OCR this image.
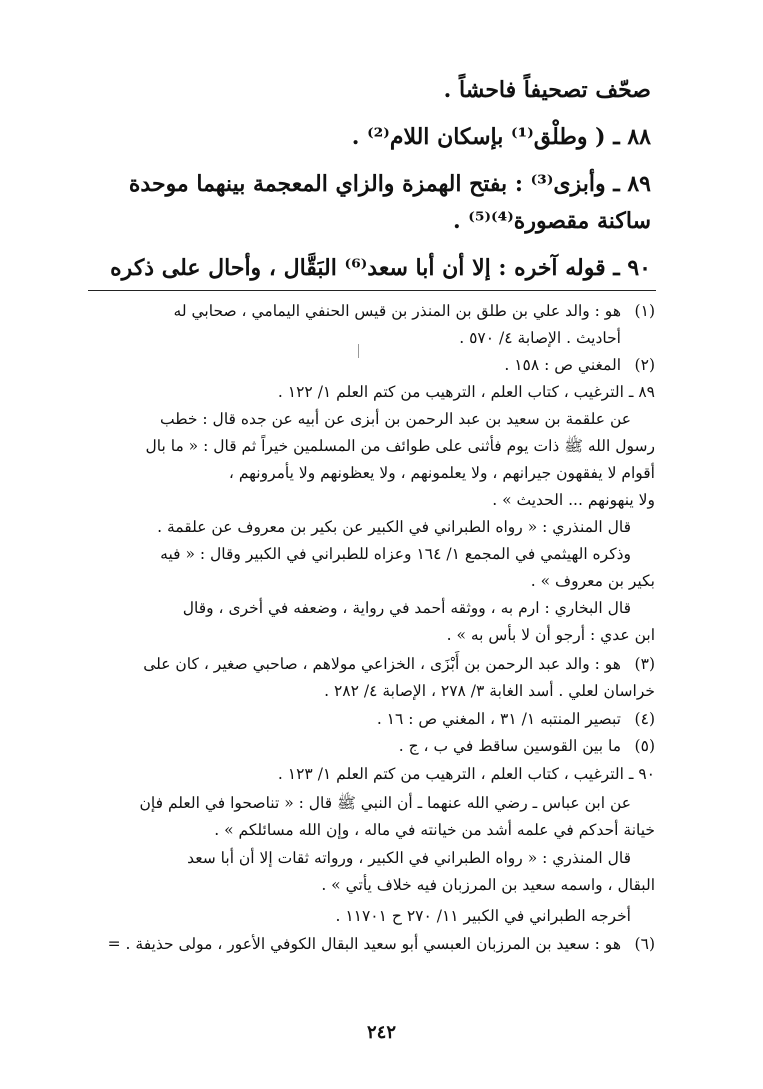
صحّف تصحيفاً فاحشاً .
٨٨ ـ ( وطلْق⁽¹⁾ بإسكان اللام⁽²⁾ .
٨٩ ـ وأبزى⁽³⁾ : بفتح الهمزة والزاي المعجمة بينهما موحدة
ساكنة مقصورة⁽⁴⁾⁽⁵⁾ .
٩٠ ـ قوله آخره : إلا أن أبا سعد⁽⁶⁾ البَقَّال ، وأحال على ذكره
(١)
هو : والد علي بن طلق بن المنذر بن قيس الحنفي اليمامي ، صحابي له
أحاديث . الإصابة ٤/ ٥٧٠ .
(٢)
المغني ص : ١٥٨ .
٨٩ ـ الترغيب ، كتاب العلم ، الترهيب من كتم العلم ١/ ١٢٢ .
عن علقمة بن سعيد بن عبد الرحمن بن أبزى عن أبيه عن جده قال : خطب
رسول الله ﷺ ذات يوم فأثنى على طوائف من المسلمين خيراً ثم قال : « ما بال
أقوام لا يفقهون جيرانهم ، ولا يعلمونهم ، ولا يعظونهم ولا يأمرونهم ،
ولا ينهونهم ... الحديث » .
قال المنذري : « رواه الطبراني في الكبير عن بكير بن معروف عن علقمة .
وذكره الهيثمي في المجمع ١/ ١٦٤ وعزاه للطبراني في الكبير وقال : « فيه
بكير بن معروف » .
قال البخاري : ارم به ، ووثقه أحمد في رواية ، وضعفه في أخرى ، وقال
ابن عدي : أرجو أن لا بأس به » .
(٣)
هو : والد عبد الرحمن بن أَبْزَى ، الخزاعي مولاهم ، صاحبي صغير ، كان على
خراسان لعلي . أسد الغابة ٣/ ٢٧٨ ، الإصابة ٤/ ٢٨٢ .
(٤)
تبصير المنتبه ١/ ٣١ ، المغني ص : ١٦ .
(٥)
ما بين القوسين ساقط في ب ، ج .
٩٠ ـ الترغيب ، كتاب العلم ، الترهيب من كتم العلم ١/ ١٢٣ .
عن ابن عباس ـ رضي الله عنهما ـ أن النبي ﷺ قال : « تناصحوا في العلم فإن
خيانة أحدكم في علمه أشد من خيانته في ماله ، وإن الله مسائلكم » .
قال المنذري : « رواه الطبراني في الكبير ، ورواته ثقات إلا أن أبا سعد
البقال ، واسمه سعيد بن المرزبان فيه خلاف يأتي » .
أخرجه الطبراني في الكبير ١١/ ٢٧٠ ح ١١٧٠١ .
(٦)
هو : سعيد بن المرزبان العبسي أبو سعيد البقال الكوفي الأعور ، مولى حذيفة . =
٢٤٢
